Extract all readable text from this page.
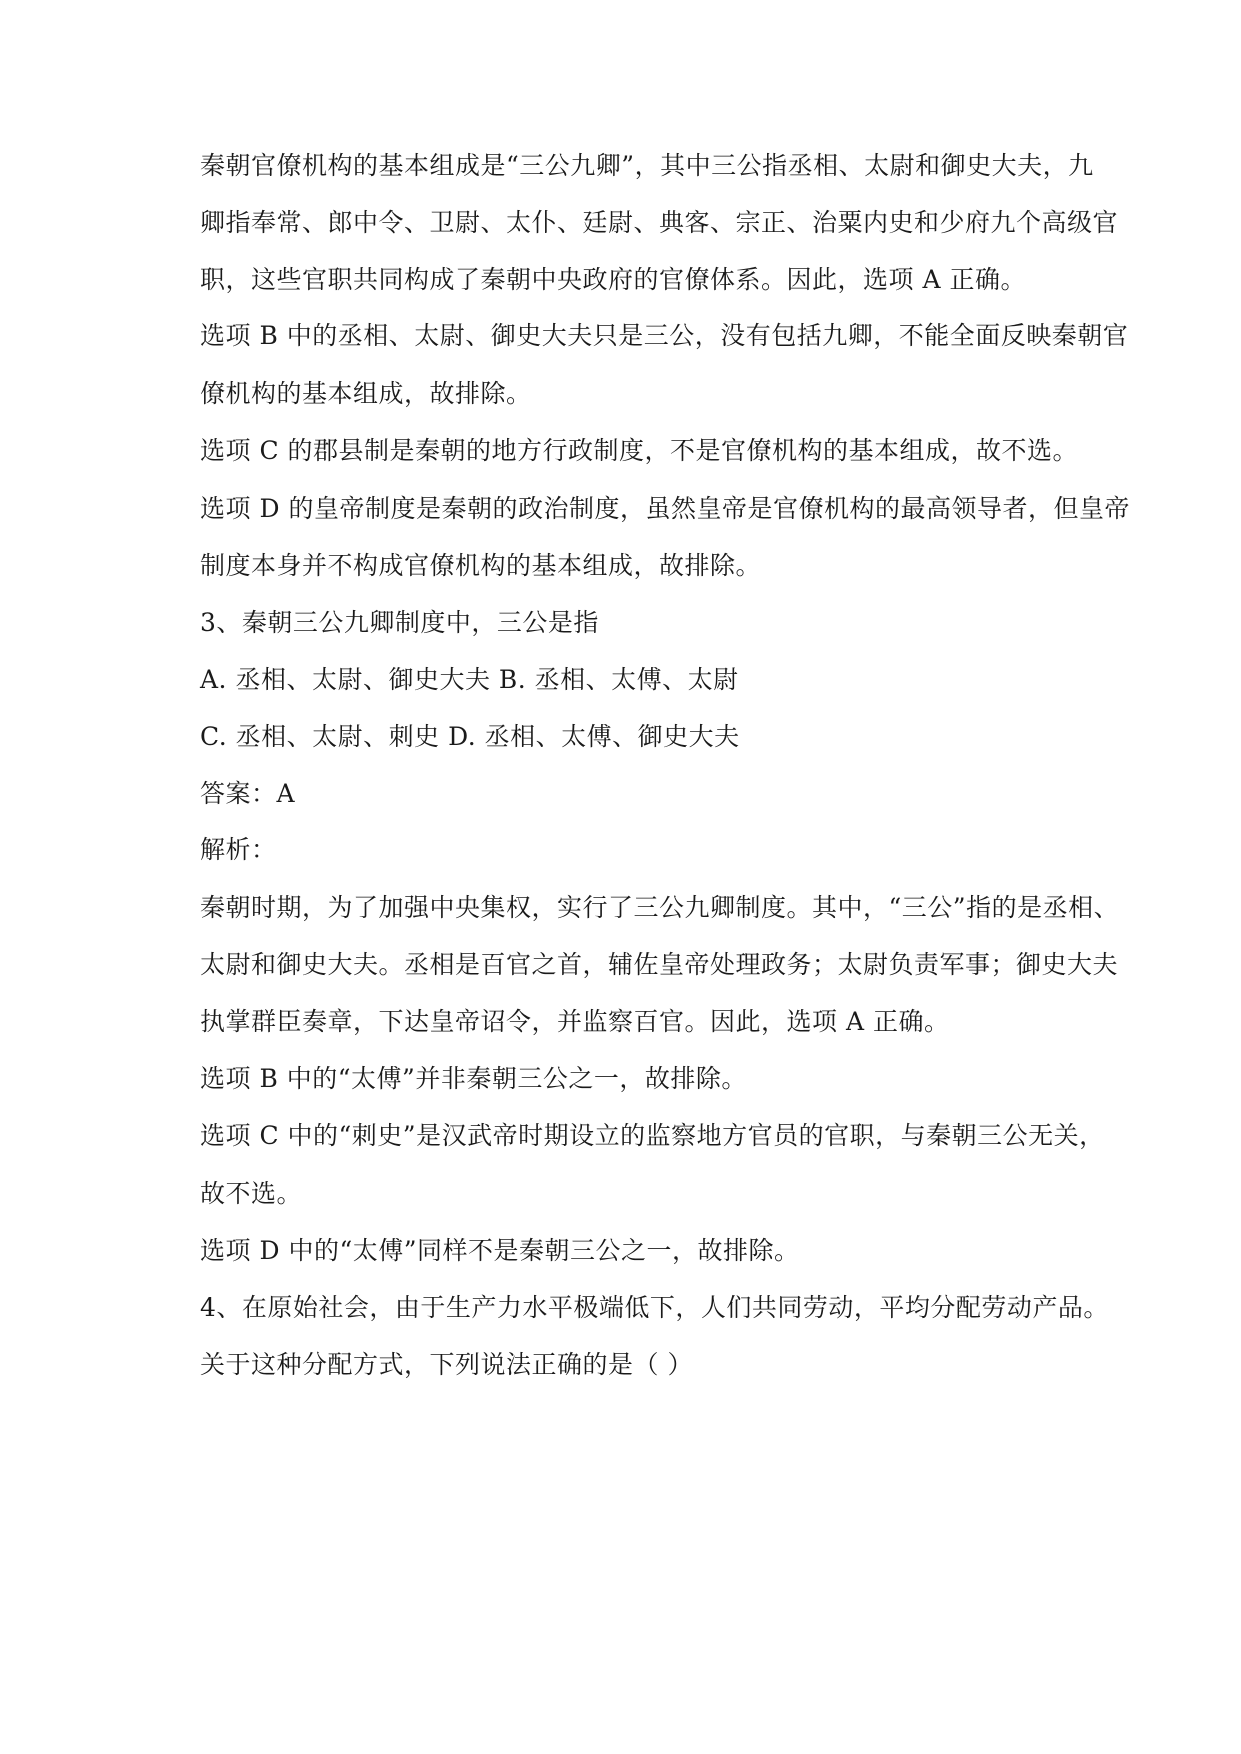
秦朝官僚机构的基本组成是“三公九卿”，其中三公指丞相、太尉和御史大夫，九
卿指奉常、郎中令、卫尉、太仆、廷尉、典客、宗正、治粟内史和少府九个高级官
职，这些官职共同构成了秦朝中央政府的官僚体系。因此，选项 A 正确。
选项 B 中的丞相、太尉、御史大夫只是三公，没有包括九卿，不能全面反映秦朝官
僚机构的基本组成，故排除。
选项 C 的郡县制是秦朝的地方行政制度，不是官僚机构的基本组成，故不选。
选项 D 的皇帝制度是秦朝的政治制度，虽然皇帝是官僚机构的最高领导者，但皇帝
制度本身并不构成官僚机构的基本组成，故排除。
3、秦朝三公九卿制度中，三公是指
A. 丞相、太尉、御史大夫 B. 丞相、太傅、太尉
C. 丞相、太尉、刺史 D. 丞相、太傅、御史大夫
答案：A
解析：
秦朝时期，为了加强中央集权，实行了三公九卿制度。其中，“三公”指的是丞相、
太尉和御史大夫。丞相是百官之首，辅佐皇帝处理政务；太尉负责军事；御史大夫
执掌群臣奏章，下达皇帝诏令，并监察百官。因此，选项 A 正确。
选项 B 中的“太傅”并非秦朝三公之一，故排除。
选项 C 中的“刺史”是汉武帝时期设立的监察地方官员的官职，与秦朝三公无关，
故不选。
选项 D 中的“太傅”同样不是秦朝三公之一，故排除。
4、在原始社会，由于生产力水平极端低下，人们共同劳动，平均分配劳动产品。
关于这种分配方式，下列说法正确的是（ ）
